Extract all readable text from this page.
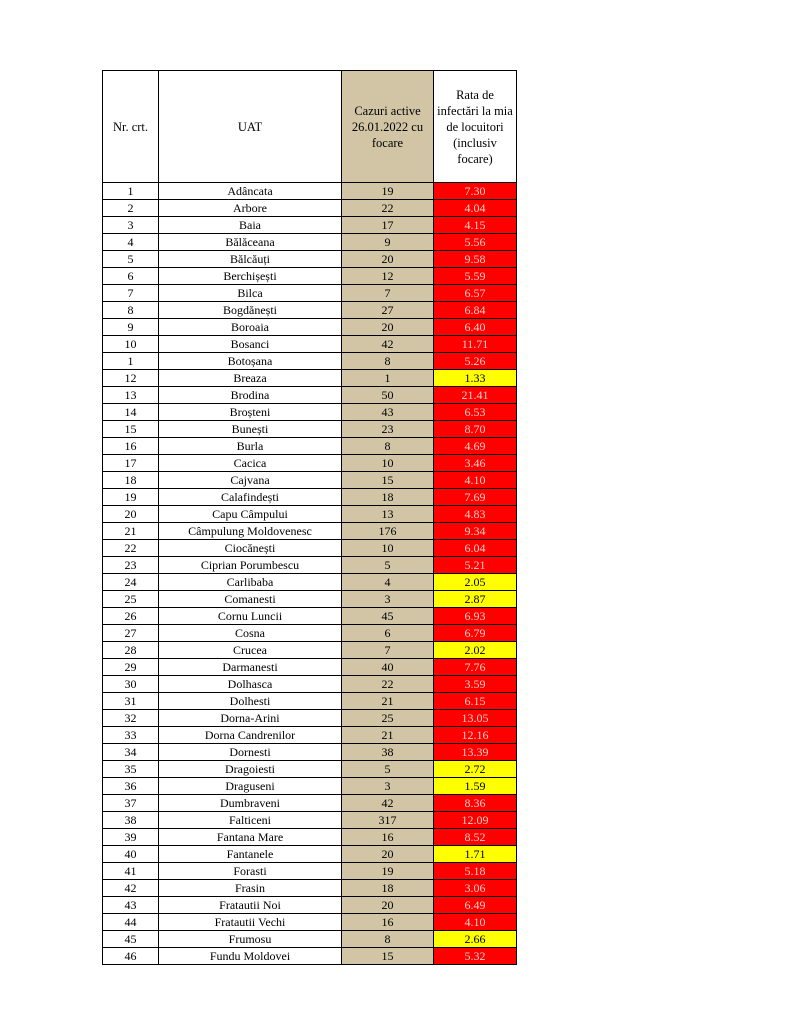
Nr. crt.	UAT	Cazuri active 26.01.2022 cu focare	Rata de infectări la mia de locuitori (inclusiv focare)
1	Adâncata	19	7.30
2	Arbore	22	4.04
3	Baia	17	4.15
4	Bălăceana	9	5.56
5	Bălcăuți	20	9.58
6	Berchișești	12	5.59
7	Bilca	7	6.57
8	Bogdănești	27	6.84
9	Boroaia	20	6.40
10	Bosanci	42	11.71
1	Botoșana	8	5.26
12	Breaza	1	1.33
13	Brodina	50	21.41
14	Broșteni	43	6.53
15	Bunești	23	8.70
16	Burla	8	4.69
17	Cacica	10	3.46
18	Cajvana	15	4.10
19	Calafindești	18	7.69
20	Capu Câmpului	13	4.83
21	Câmpulung Moldovenesc	176	9.34
22	Ciocănești	10	6.04
23	Ciprian Porumbescu	5	5.21
24	Carlibaba	4	2.05
25	Comanesti	3	2.87
26	Cornu Luncii	45	6.93
27	Cosna	6	6.79
28	Crucea	7	2.02
29	Darmanesti	40	7.76
30	Dolhasca	22	3.59
31	Dolhesti	21	6.15
32	Dorna-Arini	25	13.05
33	Dorna Candrenilor	21	12.16
34	Dornesti	38	13.39
35	Dragoiesti	5	2.72
36	Draguseni	3	1.59
37	Dumbraveni	42	8.36
38	Falticeni	317	12.09
39	Fantana Mare	16	8.52
40	Fantanele	20	1.71
41	Forasti	19	5.18
42	Frasin	18	3.06
43	Fratautii Noi	20	6.49
44	Fratautii Vechi	16	4.10
45	Frumosu	8	2.66
46	Fundu Moldovei	15	5.32
